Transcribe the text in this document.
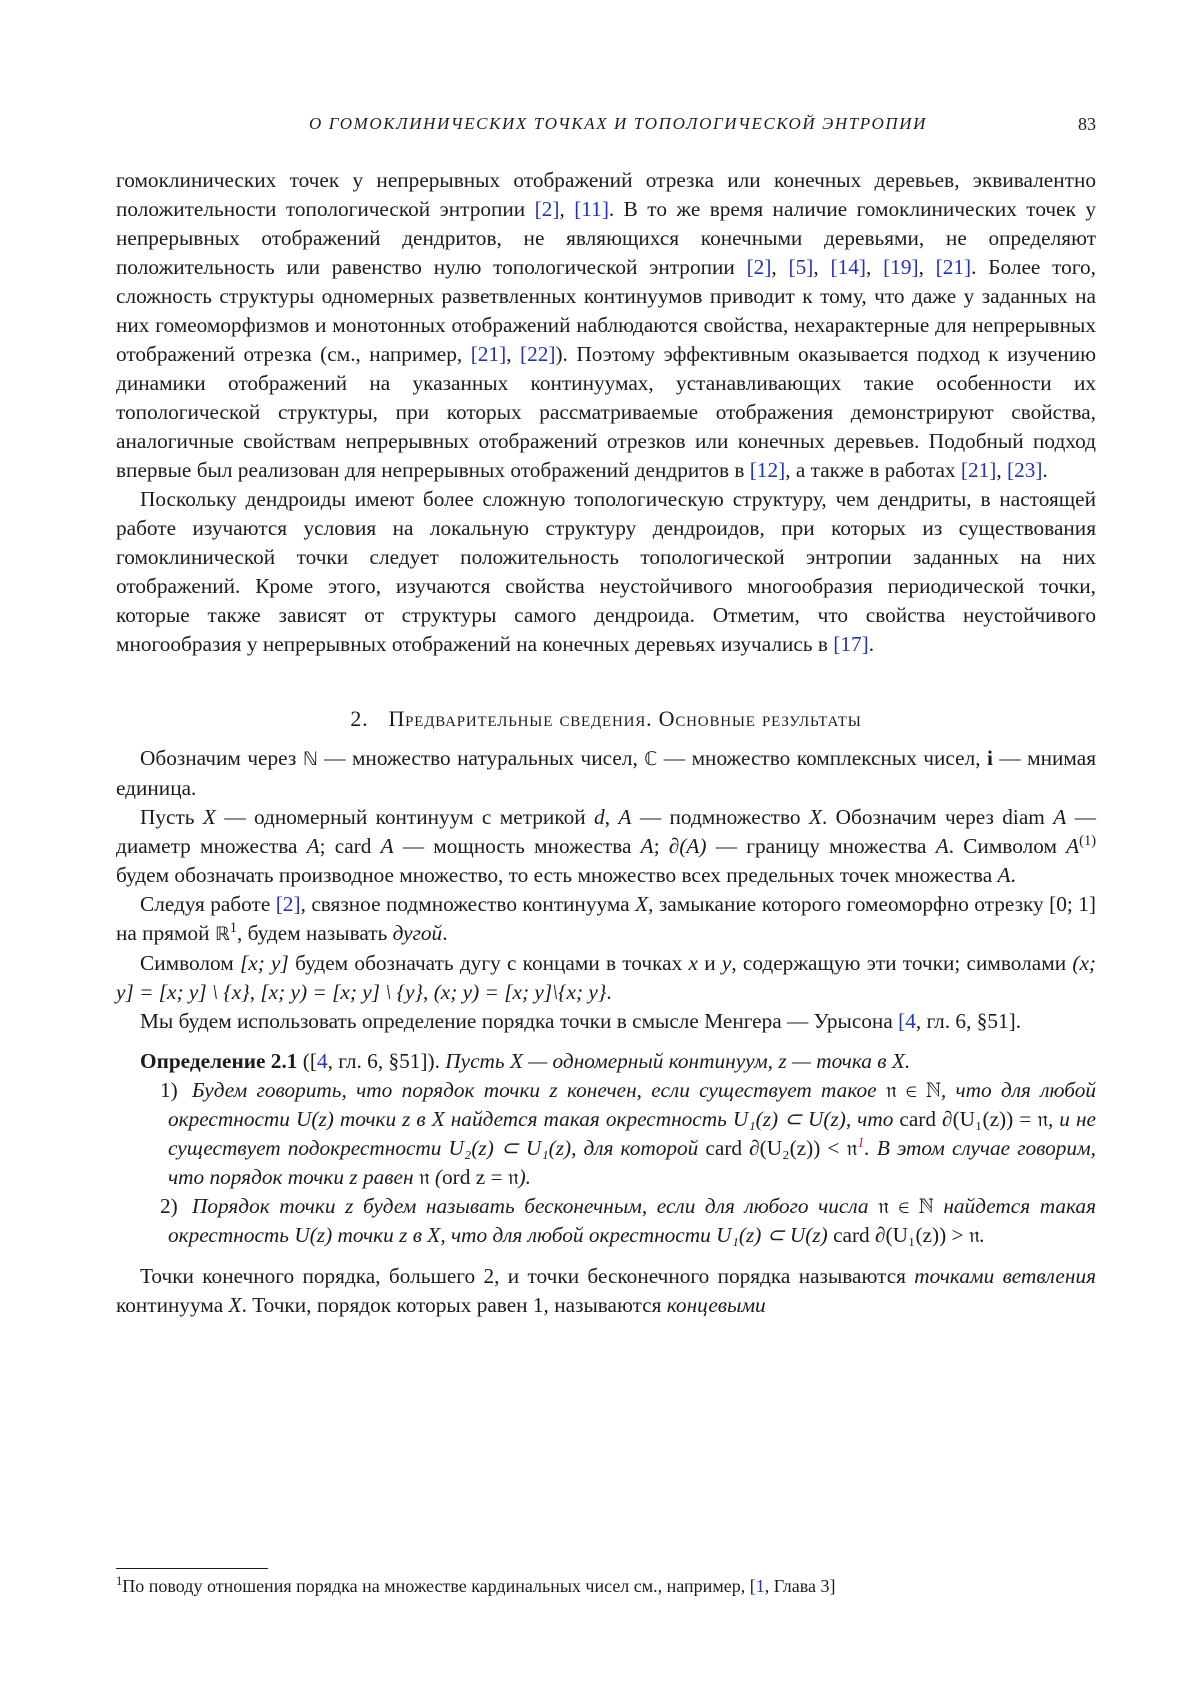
О ГОМОКЛИНИЧЕСКИХ ТОЧКАХ И ТОПОЛОГИЧЕСКОЙ ЭНТРОПИИ	83

гомоклинических точек у непрерывных отображений отрезка или конечных деревьев, эквивалентно положительности топологической энтропии [2], [11]. В то же время наличие гомоклинических точек у непрерывных отображений дендритов, не являющихся конечными деревьями, не определяют положительность или равенство нулю топологической энтропии [2], [5], [14], [19], [21]. Более того, сложность структуры одномерных разветвленных континуумов приводит к тому, что даже у заданных на них гомеоморфизмов и монотонных отображений наблюдаются свойства, нехарактерные для непрерывных отображений отрезка (см., например, [21], [22]). Поэтому эффективным оказывается подход к изучению динамики отображений на указанных континуумах, устанавливающих такие особенности их топологической структуры, при которых рассматриваемые отображения демонстрируют свойства, аналогичные свойствам непрерывных отображений отрезков или конечных деревьев. Подобный подход впервые был реализован для непрерывных отображений дендритов в [12], а также в работах [21], [23].

Поскольку дендроиды имеют более сложную топологическую структуру, чем дендриты, в настоящей работе изучаются условия на локальную структуру дендроидов, при которых из существования гомоклинической точки следует положительность топологической энтропии заданных на них отображений. Кроме этого, изучаются свойства неустойчивого многообразия периодической точки, которые также зависят от структуры самого дендроида. Отметим, что свойства неустойчивого многообразия у непрерывных отображений на конечных деревьях изучались в [17].

2. Предварительные сведения. Основные результаты

Обозначим через ℕ — множество натуральных чисел, ℂ — множество комплексных чисел, i — мнимая единица.

Пусть X — одномерный континуум с метрикой d, A — подмножество X. Обозначим через diam A — диаметр множества A; card A — мощность множества A; ∂(A) — границу множества A. Символом $A^{(1)}$ будем обозначать производное множество, то есть множество всех предельных точек множества A.

Следуя работе [2], связное подмножество континуума X, замыкание которого гомеоморфно отрезку [0; 1] на прямой ℝ$^1$, будем называть дугой.

Символом [x; y] будем обозначать дугу с концами в точках x и y, содержащую эти точки; символами (x; y] = [x; y] \ {x}, [x; y) = [x; y] \ {y}, (x; y) = [x; y]\{x; y}.

Мы будем использовать определение порядка точки в смысле Менгера — Урысона [4, гл. 6, §51].

Определение 2.1 ([4, гл. 6, §51]). Пусть X — одномерный континуум, z — точка в X.
1) Будем говорить, что порядок точки z конечен, если существует такое 𝔫 ∈ ℕ, что для любой окрестности U(z) точки z в X найдется такая окрестность U₁(z) ⊂ U(z), что card ∂(U₁(z)) = 𝔫, и не существует подокрестности U₂(z) ⊂ U₁(z), для которой card ∂(U₂(z)) < 𝔫$^1$. В этом случае говорим, что порядок точки z равен 𝔫 (ord z = 𝔫).
2) Порядок точки z будем называть бесконечным, если для любого числа 𝔫 ∈ ℕ найдется такая окрестность U(z) точки z в X, что для любой окрестности U₁(z) ⊂ U(z) card ∂(U₁(z)) > 𝔫.

Точки конечного порядка, большего 2, и точки бесконечного порядка называются точками ветвления континуума X. Точки, порядок которых равен 1, называются концевыми

$^1$По поводу отношения порядка на множестве кардинальных чисел см., например, [1, Глава 3]
